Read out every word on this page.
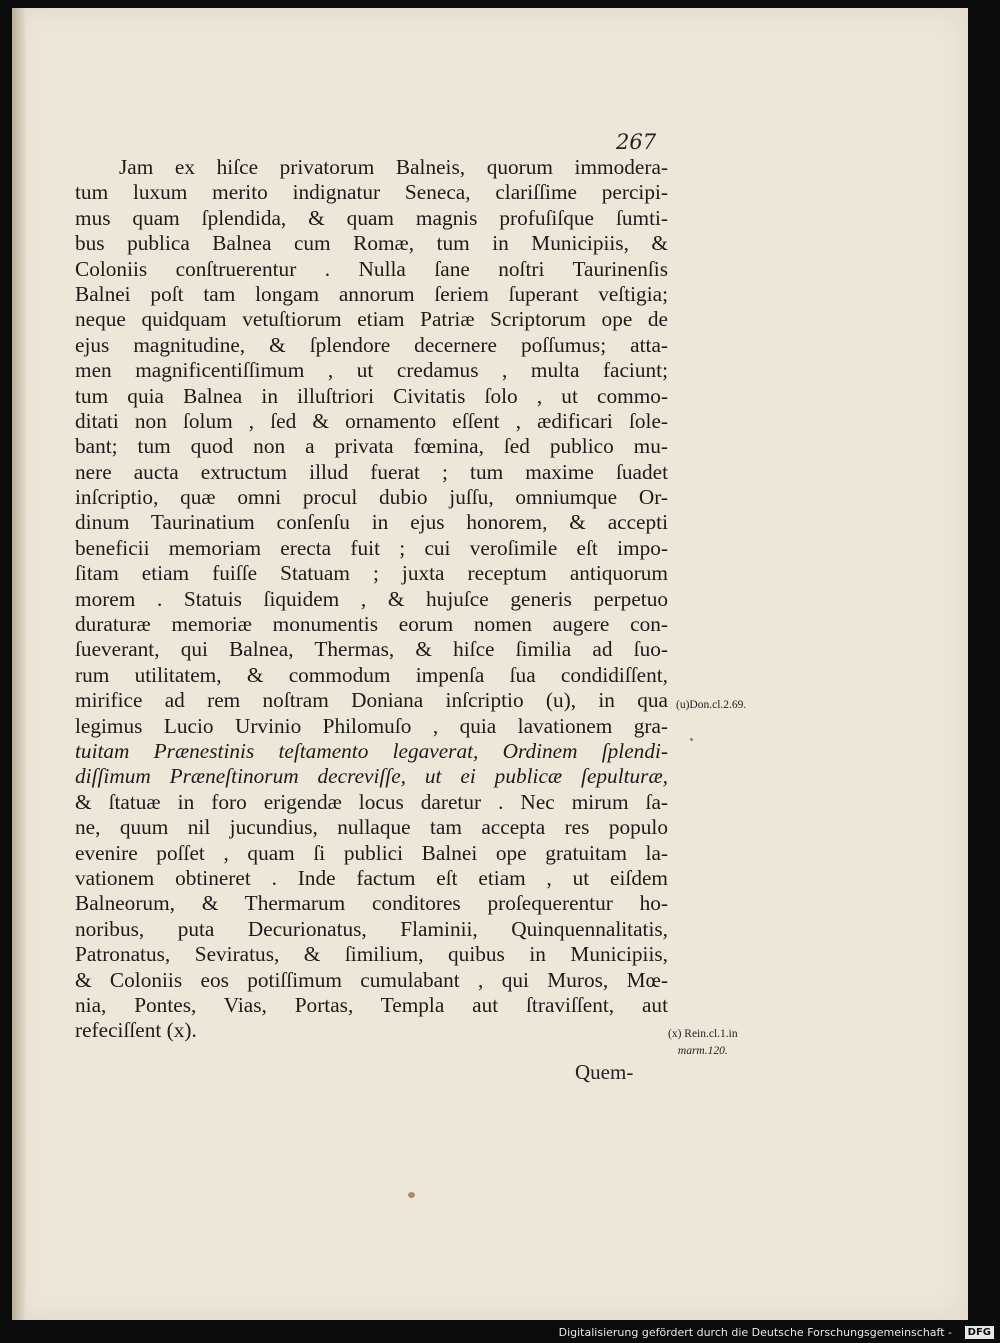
267
Jam ex hiſce privatorum Balneis, quorum immodera-
tum luxum merito indignatur Seneca, clariſſime percipi-
mus quam ſplendida, & quam magnis profuſiſque ſumti-
bus publica Balnea cum Romæ, tum in Municipiis, &
Coloniis conſtruerentur . Nulla ſane noſtri Taurinenſis
Balnei poſt tam longam annorum ſeriem ſuperant veſtigia;
neque quidquam vetuſtiorum etiam Patriæ Scriptorum ope de
ejus magnitudine, & ſplendore decernere poſſumus; atta-
men magnificentiſſimum , ut credamus , multa faciunt;
tum quia Balnea in illuſtriori Civitatis ſolo , ut commo-
ditati non ſolum , ſed & ornamento eſſent , ædificari ſole-
bant; tum quod non a privata fœmina, ſed publico mu-
nere aucta extructum illud fuerat ; tum maxime ſuadet
inſcriptio, quæ omni procul dubio juſſu, omniumque Or-
dinum Taurinatium conſenſu in ejus honorem, & accepti
beneficii memoriam erecta fuit ; cui veroſimile eſt impo-
ſitam etiam fuiſſe Statuam ; juxta receptum antiquorum
morem . Statuis ſiquidem , & hujuſce generis perpetuo
duraturæ memoriæ monumentis eorum nomen augere con-
ſueverant, qui Balnea, Thermas, & hiſce ſimilia ad ſuo-
rum utilitatem, & commodum impenſa ſua condidiſſent,
mirifice ad rem noſtram Doniana inſcriptio (u), in qua
legimus Lucio Urvinio Philomuſo , quia lavationem gra-
tuitam Prænestinis teſtamento legaverat, Ordinem ſplendi-
diſſimum Præneſtinorum decreviſſe, ut ei publicæ ſepulturæ,
& ſtatuæ in foro erigendæ locus daretur . Nec mirum ſa-
ne, quum nil jucundius, nullaque tam accepta res populo
evenire poſſet , quam ſi publici Balnei ope gratuitam la-
vationem obtineret . Inde factum eſt etiam , ut eiſdem
Balneorum, & Thermarum conditores proſequerentur ho-
noribus, puta Decurionatus, Flaminii, Quinquennalitatis,
Patronatus, Seviratus, & ſimilium, quibus in Municipiis,
& Coloniis eos potiſſimum cumulabant , qui Muros, Mœ-
nia, Pontes, Vias, Portas, Templa aut ſtraviſſent, aut
refeciſſent (x).
(u)Don.cl.2.69.
(x) Rein.cl.1.in
marm.120.
Quem-
Digitalisierung gefördert durch die Deutsche Forschungsgemeinschaft -	DFG
